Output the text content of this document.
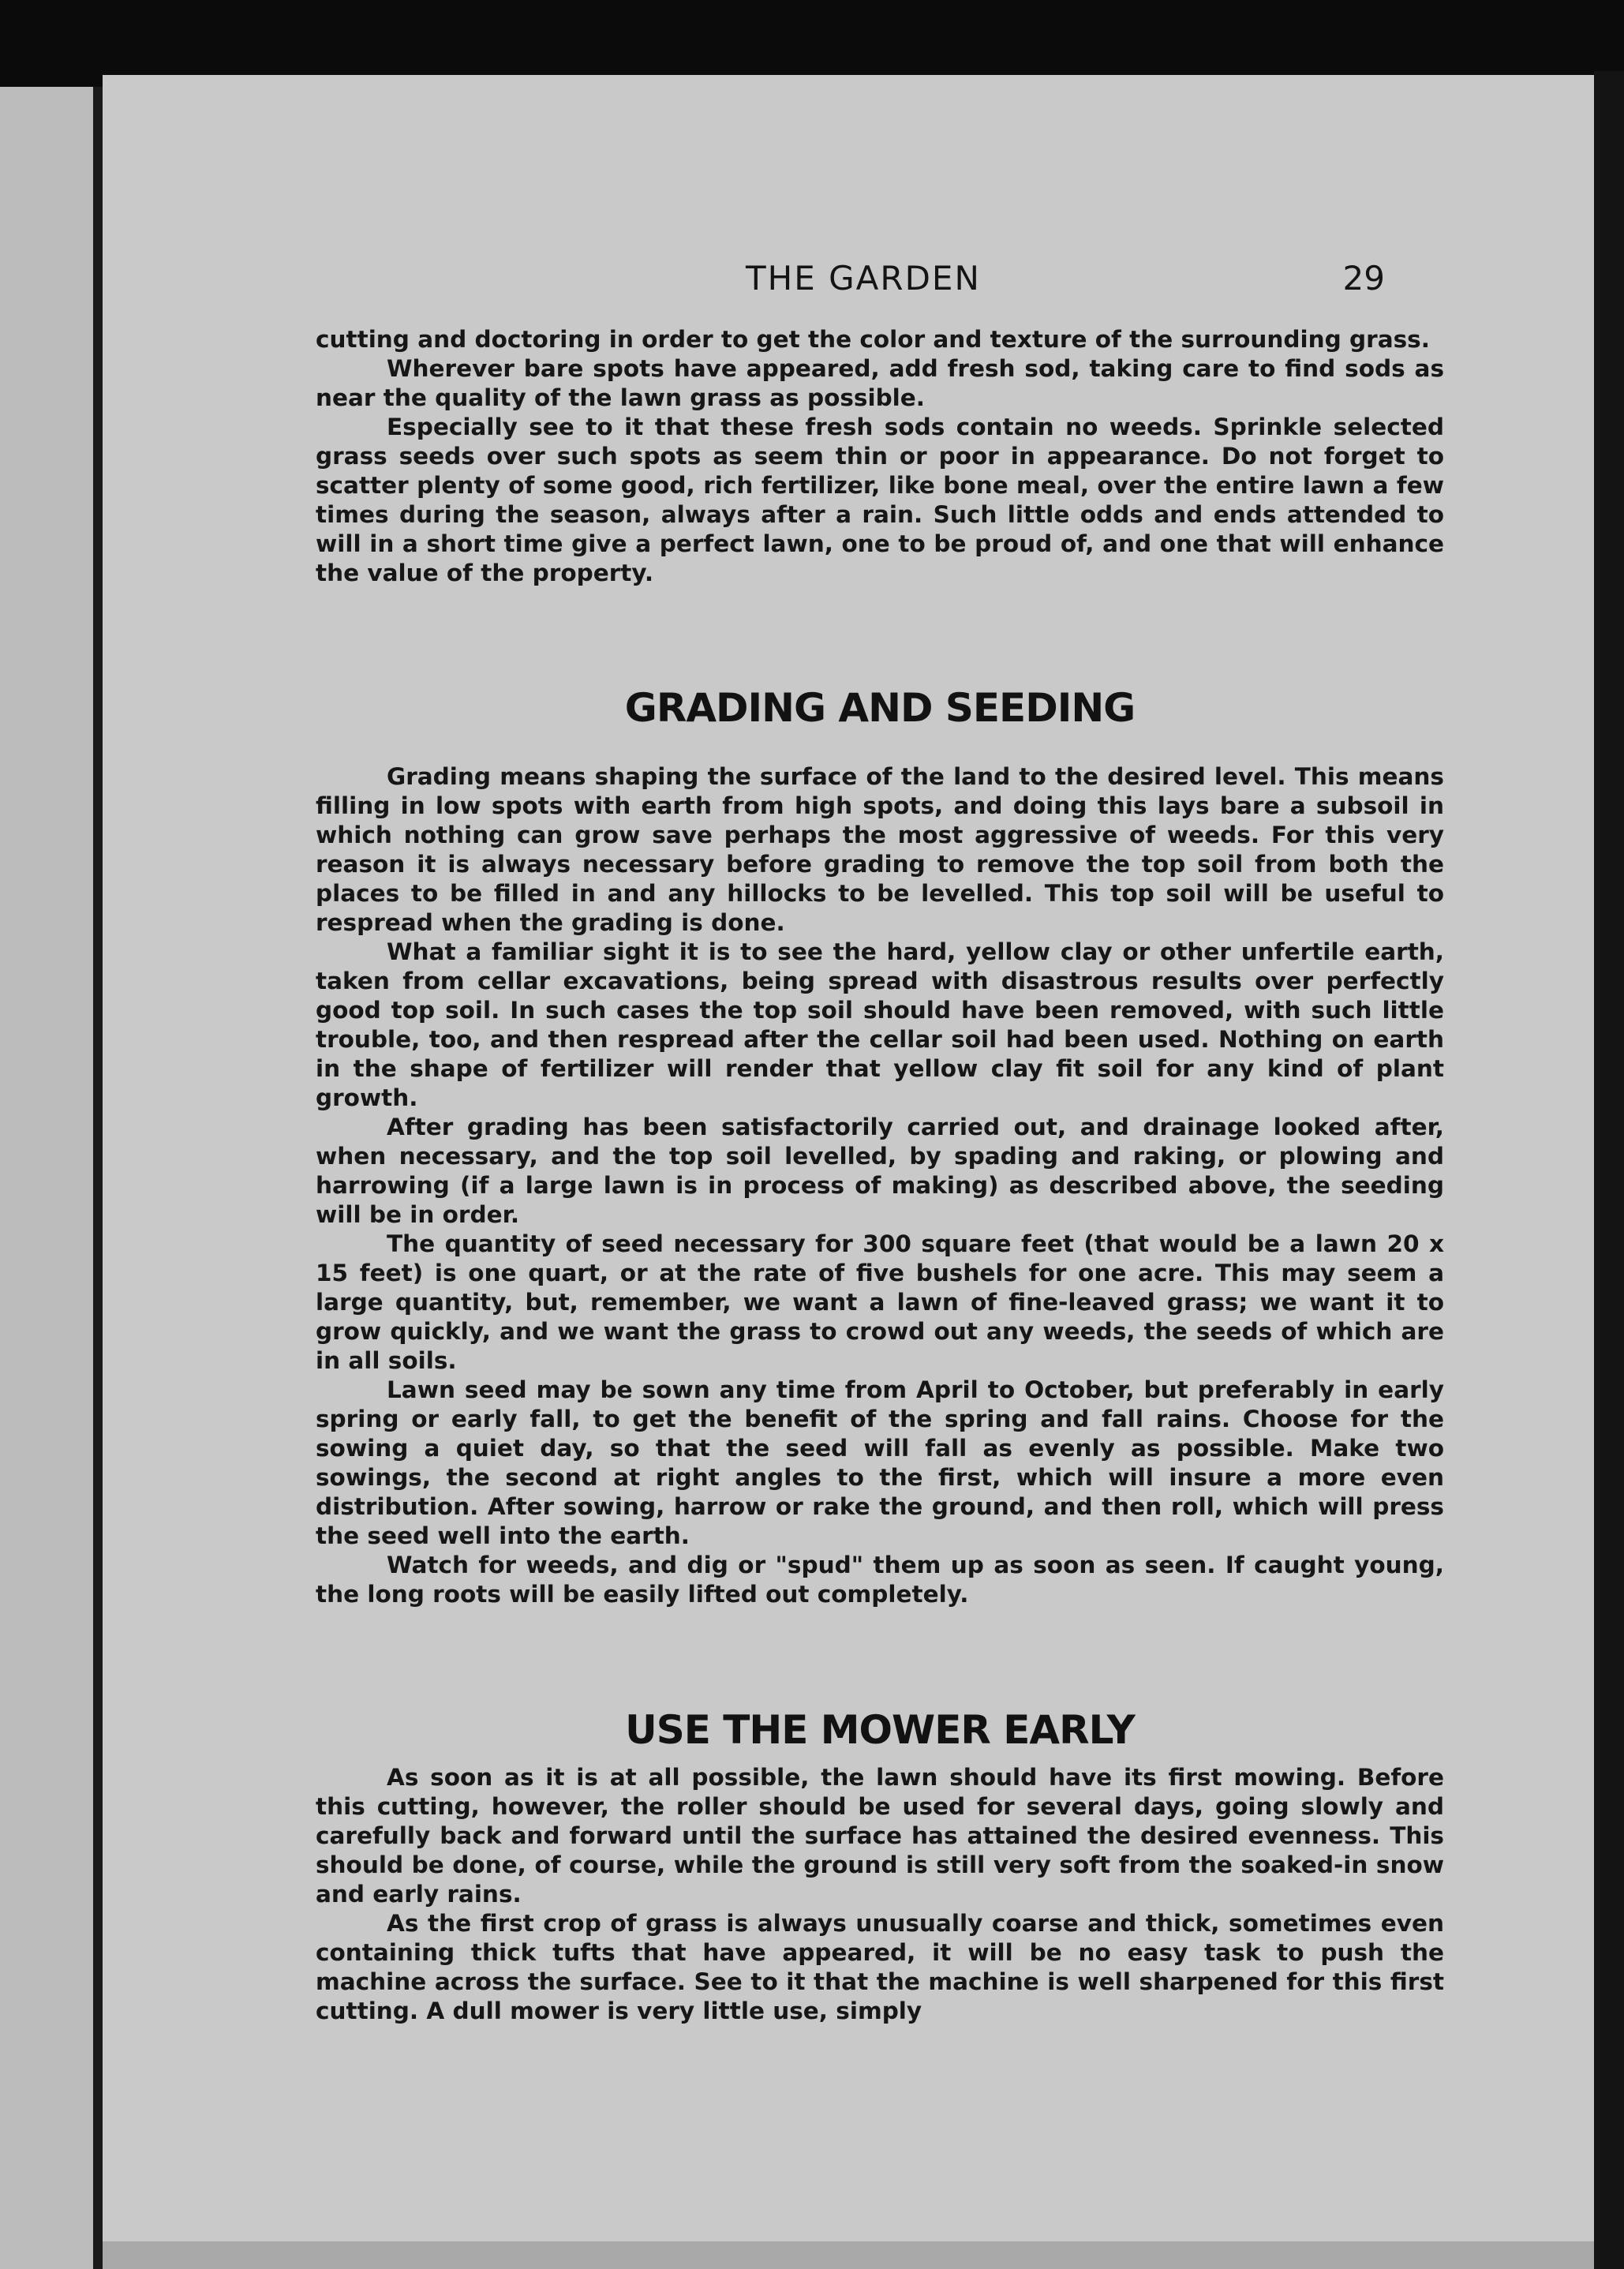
THE GARDEN	29

cutting and doctoring in order to get the color and texture of the surrounding grass.

Wherever bare spots have appeared, add fresh sod, taking care to find sods as near the quality of the lawn grass as possible.

Especially see to it that these fresh sods contain no weeds. Sprinkle selected grass seeds over such spots as seem thin or poor in appearance. Do not forget to scatter plenty of some good, rich fertilizer, like bone meal, over the entire lawn a few times during the season, always after a rain. Such little odds and ends attended to will in a short time give a perfect lawn, one to be proud of, and one that will enhance the value of the property.

GRADING AND SEEDING

Grading means shaping the surface of the land to the desired level. This means filling in low spots with earth from high spots, and doing this lays bare a subsoil in which nothing can grow save perhaps the most aggressive of weeds. For this very reason it is always necessary before grading to remove the top soil from both the places to be filled in and any hillocks to be levelled. This top soil will be useful to respread when the grading is done.

What a familiar sight it is to see the hard, yellow clay or other unfertile earth, taken from cellar excavations, being spread with disastrous results over perfectly good top soil. In such cases the top soil should have been removed, with such little trouble, too, and then respread after the cellar soil had been used. Nothing on earth in the shape of fertilizer will render that yellow clay fit soil for any kind of plant growth.

After grading has been satisfactorily carried out, and drainage looked after, when necessary, and the top soil levelled, by spading and raking, or plowing and harrowing (if a large lawn is in process of making) as described above, the seeding will be in order.

The quantity of seed necessary for 300 square feet (that would be a lawn 20 x 15 feet) is one quart, or at the rate of five bushels for one acre. This may seem a large quantity, but, remember, we want a lawn of fine-leaved grass; we want it to grow quickly, and we want the grass to crowd out any weeds, the seeds of which are in all soils.

Lawn seed may be sown any time from April to October, but preferably in early spring or early fall, to get the benefit of the spring and fall rains. Choose for the sowing a quiet day, so that the seed will fall as evenly as possible. Make two sowings, the second at right angles to the first, which will insure a more even distribution. After sowing, harrow or rake the ground, and then roll, which will press the seed well into the earth.

Watch for weeds, and dig or "spud" them up as soon as seen. If caught young, the long roots will be easily lifted out completely.

USE THE MOWER EARLY

As soon as it is at all possible, the lawn should have its first mowing. Before this cutting, however, the roller should be used for several days, going slowly and carefully back and forward until the surface has attained the desired evenness. This should be done, of course, while the ground is still very soft from the soaked-in snow and early rains.

As the first crop of grass is always unusually coarse and thick, sometimes even containing thick tufts that have appeared, it will be no easy task to push the machine across the surface. See to it that the machine is well sharpened for this first cutting. A dull mower is very little use, simply
